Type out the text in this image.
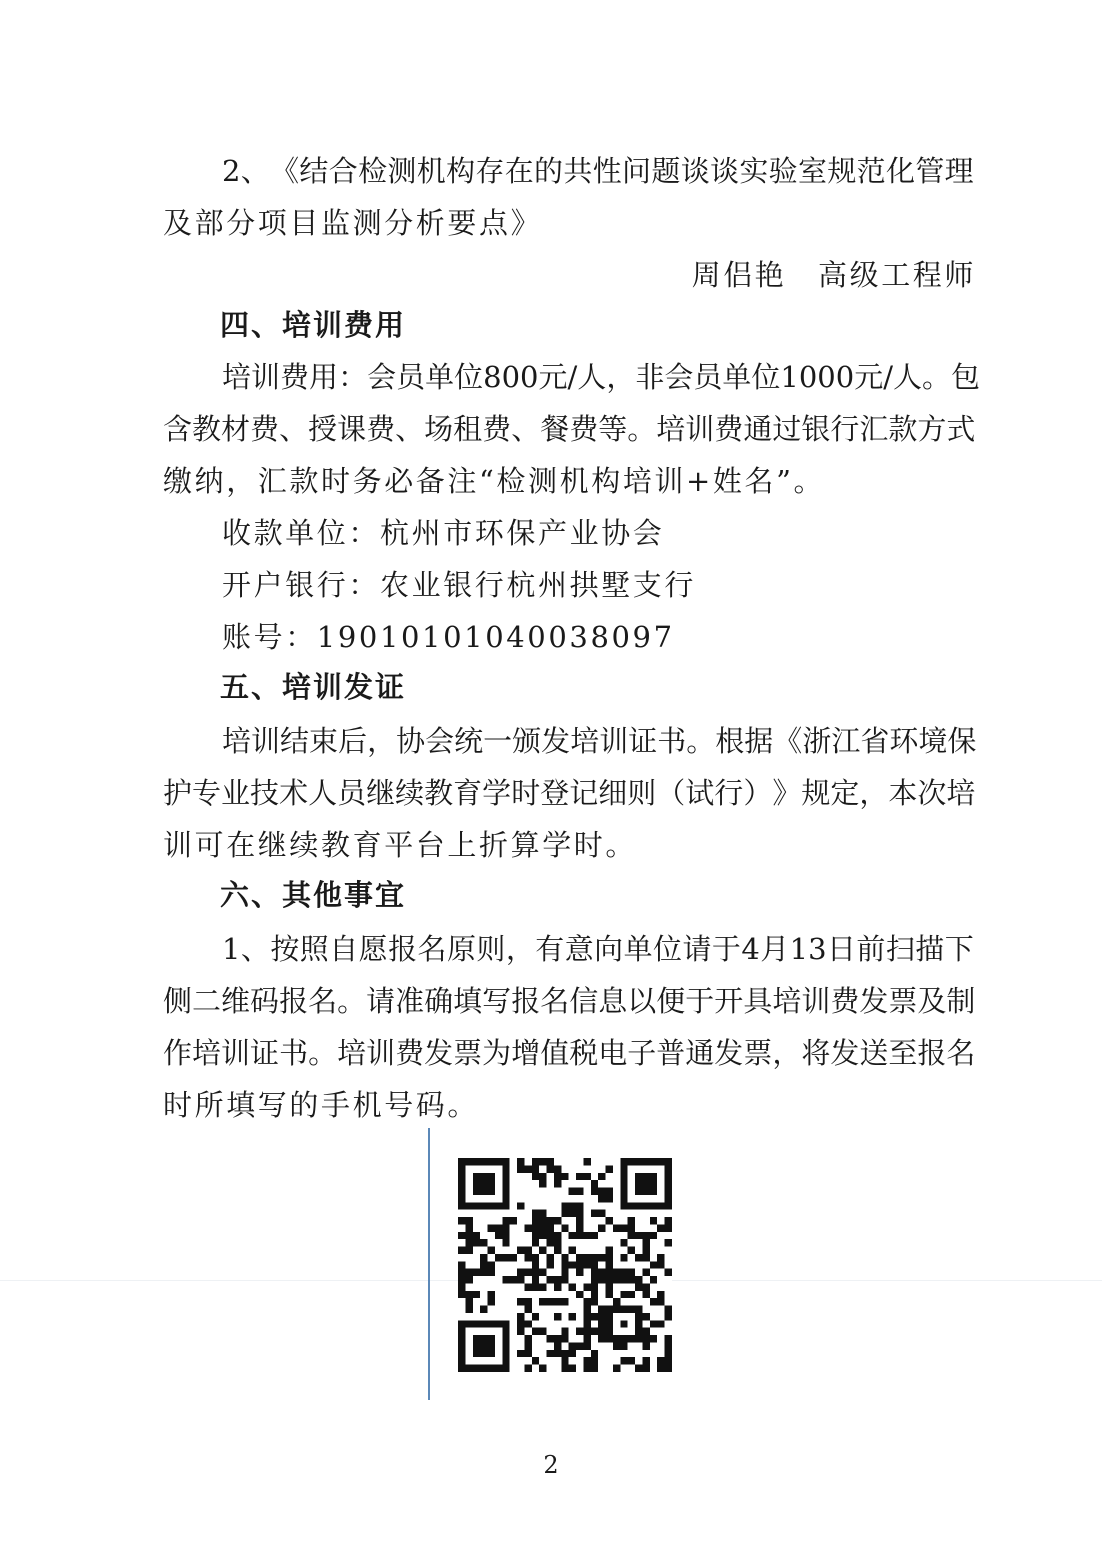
2 、 《 结 合 检 测 机 构 存 在 的 共 性 问 题 谈 谈 实 验 室 规 范 化 管 理
及部分项目监测分析要点》
周侣艳　高级工程师
四、培训费用
培 训 费 用 ： 会 员 单 位 800 元 / 人 ， 非 会 员 单 位 1000 元 / 人 。 包
含 教 材 费 、 授 课 费 、 场 租 费 、 餐 费 等 。 培 训 费 通 过 银 行 汇 款 方 式
缴纳，汇款时务必备注“检测机构培训+姓名”。
收款单位：杭州市环保产业协会
开户银行：农业银行杭州拱墅支行
账号：19010101040038097
五、培训发证
培 训 结 束 后 ， 协 会 统 一 颁 发 培 训 证 书 。 根 据 《 浙 江 省 环 境 保
护 专 业 技 术 人 员 继 续 教 育 学 时 登 记 细 则 （ 试 行 ） 》 规 定 ， 本 次 培
训可在继续教育平台上折算学时。
六、其他事宜
1 、 按 照 自 愿 报 名 原 则 ， 有 意 向 单 位 请 于 4 月 13 日 前 扫 描 下
侧 二 维 码 报 名 。 请 准 确 填 写 报 名 信 息 以 便 于 开 具 培 训 费 发 票 及 制
作 培 训 证 书 。 培 训 费 发 票 为 增 值 税 电 子 普 通 发 票 ， 将 发 送 至 报 名
时所填写的手机号码。
2
